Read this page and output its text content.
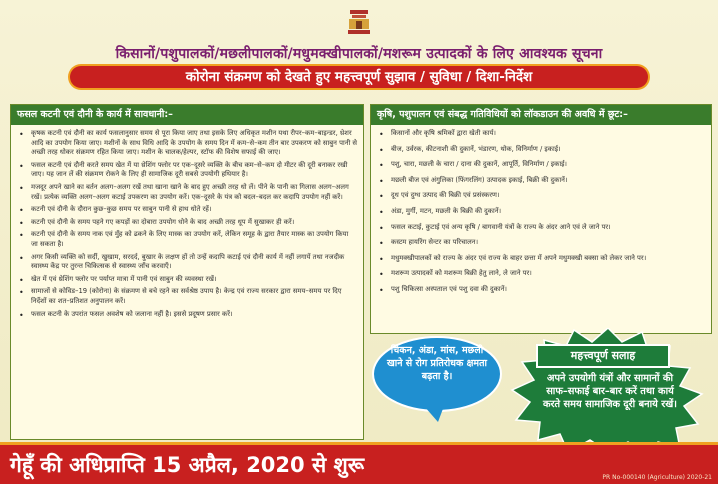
किसानों/पशुपालकों/मछलीपालकों/मधुमक्खीपालकों/मशरूम उत्पादकों के लिए आवश्यक सूचना
कोरोना संक्रमण को देखते हुए महत्त्वपूर्ण सुझाव / सुविधा / दिशा-निर्देश
फसल कटनी एवं दौनी के कार्य में सावधानी:–
• कृषक कटनी एवं दौनी का कार्य फसलानुसार समय से पूरा किया जाए तथा इसके लिए अधिकृत मशीन यथा रीपर–कम–बाइन्डर, थ्रेशर आदि का उपयोग किया जाए। मशीनों के साथ विधि आदि के उपयोग के समय दिन में कम–से–कम तीन बार उपकरण को साबुन पानी से अच्छी तरह धोकर संक्रमण रहित किया जाए। मशीन के चालक/हेल्पर, स्टॉफ की विशेष सफाई की जाए।
• फसल कटनी एवं दौनी करते समय खेत में या थ्रेशिंग फ्लोर पर एक–दूसरे व्यक्ति के बीच कम–से–कम दो मीटर की दूरी बनाकर रखी जाए। यह जान लें की संक्रमण रोकने के लिए ही सामाजिक दूरी सबसे उपयोगी हथियार है।
• मजदूर अपने खाने का बर्तन अलग–अलग रखें तथा खाना खाने के बाद हुए अच्छी तरह धो लें। पीने के पानी का गिलास अलग–अलग रखें। प्रत्येक व्यक्ति अलग–अलग कटाई उपकरण का उपयोग करें। एक–दूसरे के यंत्र को बदल–बदल कर कदापि उपयोग नहीं करें।
• कटनी एवं दौनी के दौरान कुछ–कुछ समय पर साबुन पानी से हाथ धोते रहें।
• कटनी एवं दौनी के समय पहने गए कपड़ों का दोबारा उपयोग धोने के बाद अच्छी तरह धूप में सुखाकर ही करें।
• कटनी एवं दौनी के समय नाक एवं मुँह को ढकने के लिए मास्क का उपयोग करें, लेकिन समूह के द्वारा तैयार मास्क का उपयोग किया जा सकता है।
• अगर किसी व्यक्ति को सर्दी, खुखाम, सरदर्द, बुखार के लक्षण हों तो उन्हें कदापि कटाई एवं दौनी कार्य में नहीं लगायें तथा नजदीक स्वास्थ्य केंद्र पर तुरन्त चिकित्सक से स्वास्थ्य जाँच करवाएँ।
• खेत में एवं थ्रेशिंग फ्लोर पर पर्याप्त मात्रा में पानी एवं साबुन की व्यवस्था रखें।
• सामाजों से कोविड–19 (कोरोना) के संक्रमण से बचे रहने का सर्वश्रेष्ठ उपाय है। केन्द्र एवं राज्य सरकार द्वारा समय–समय पर दिए निर्देशों का शत–प्रतिशत अनुपालन करें।
• फसल कटनी के उपरांत फसल अवशेष को जलाना नहीं है। इससे प्रदूषण प्रसार करें।
कृषि, पशुपालन एवं संबद्ध गतिविधियों को लॉकडाउन की अवधि में छूट:–
• किसानों और कृषि श्रमिकों द्वारा खेती कार्य।
• बीज, उर्वरक, कीटनाशी की दुकानें, भंडारण, थोक, विनिर्माण / इकाई।
• पशु, चारा, मछली के चारा / दाना की दुकानें, आपूर्ति, विनिर्माण / इकाई।
• मछली बीज एवं अंगुलिका (फिंगरलिंग) उत्पादक इकाई, बिक्री की दुकानें।
• दूध एवं दुग्ध उत्पाद की बिक्री एवं प्रसंस्करण।
• अंडा, मुर्गी, मटन, मछली के बिक्री की दुकानें।
• फसल कटाई, कुटाई एवं अन्य कृषि / बागवानी यंत्रों के राज्य के अंदर आने एवं ले जाने पर।
• कस्टम हायरिंग सेन्टर का परिचालन।
• मधुमक्खीपालकों को राज्य के अंदर एवं राज्य के बाहर छत्ता में अपने मधुमक्खी बक्सा को लेकर जाने पर।
• मशरूम उत्पादकों को मशरूम बिक्री हेतु लाने, ले जाने पर।
• पशु चिकित्सा अस्पताल एवं पशु दवा की दुकानें।
चिकन, अंडा, मांस, मछली खाने से रोग प्रतिरोधक क्षमता बढ़ता है।
महत्त्वपूर्ण सलाह
अपने उपयोगी यंत्रों और सामानों की साफ–सफाई बार–बार करें तथा कार्य करते समय सामाजिक दूरी बनाये रखें।
गेहूँ की अधिप्राप्ति 15 अप्रैल, 2020 से शुरू
PR No-000140 (Agriculture) 2020-21
